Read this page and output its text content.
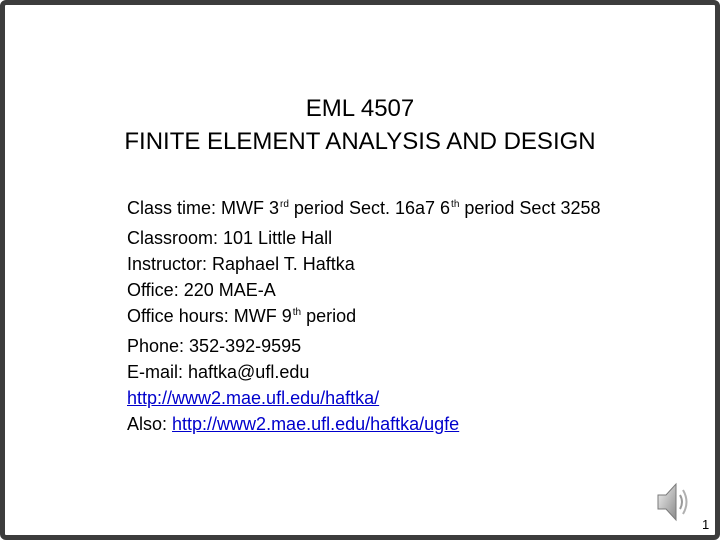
EML 4507
FINITE ELEMENT ANALYSIS AND DESIGN
Class time: MWF 3rd period Sect. 16a7 6th period Sect 3258
Classroom: 101 Little Hall
Instructor: Raphael T. Haftka
Office: 220 MAE-A
Office hours: MWF 9th period
Phone: 352-392-9595
E-mail: haftka@ufl.edu
http://www2.mae.ufl.edu/haftka/
Also: http://www2.mae.ufl.edu/haftka/ugfe
1
